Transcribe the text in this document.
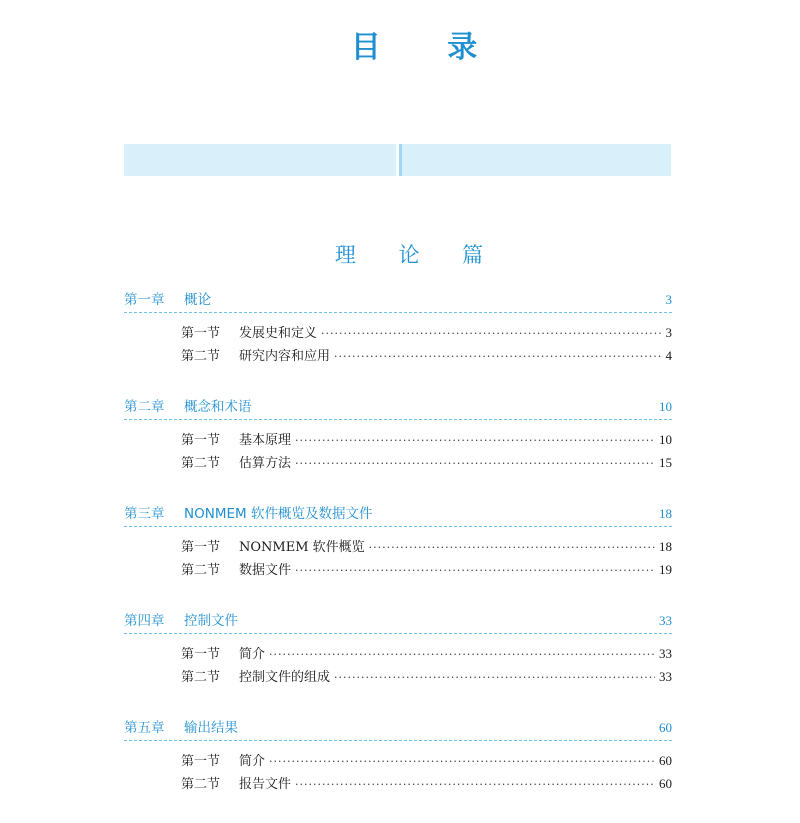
目 录
理 论 篇
第一章	概论	3
第一节	发展史和定义 ·····	3
第二节	研究内容和应用 ·····	4
第二章	概念和术语	10
第一节	基本原理 ·····	10
第二节	估算方法 ·····	15
第三章	NONMEM 软件概览及数据文件	18
第一节	NONMEM 软件概览 ·····	18
第二节	数据文件 ·····	19
第四章	控制文件	33
第一节	简介 ·····	33
第二节	控制文件的组成 ·····	33
第五章	输出结果	60
第一节	简介 ·····	60
第二节	报告文件 ·····	60
